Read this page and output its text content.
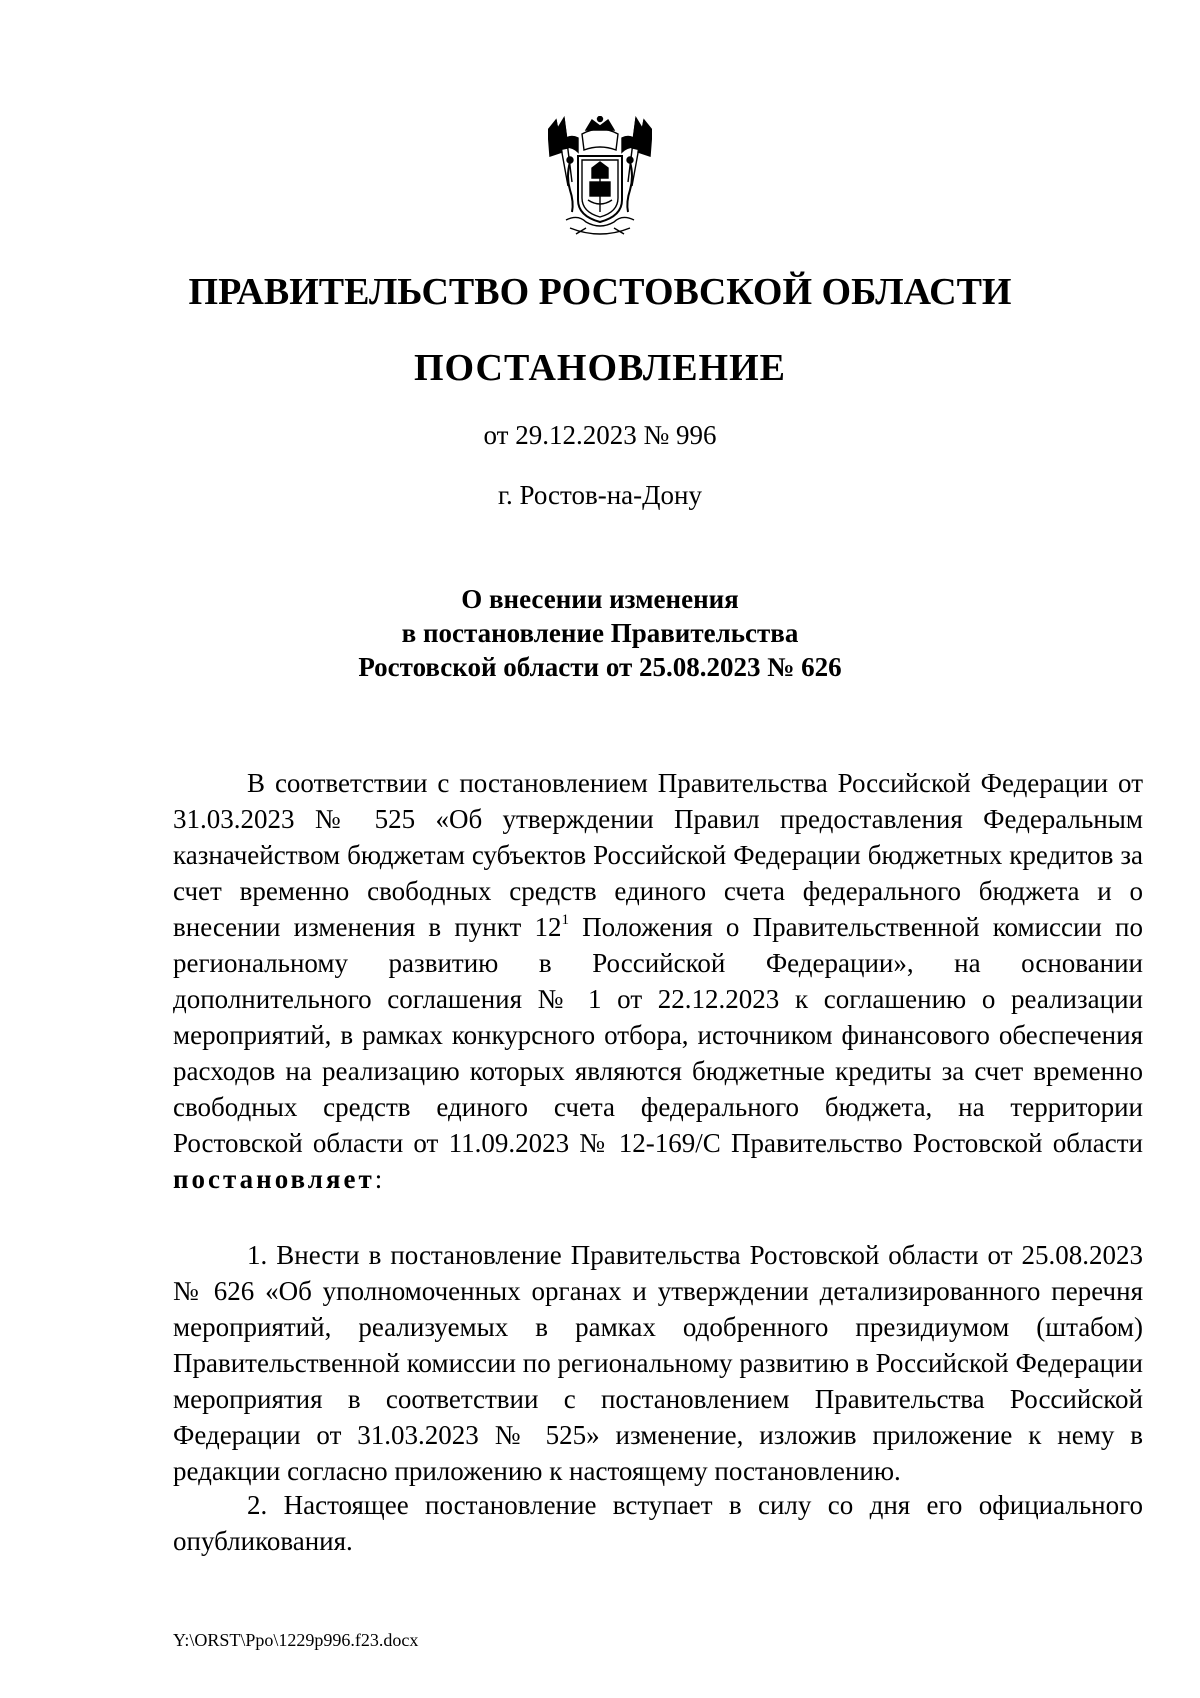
ПРАВИТЕЛЬСТВО РОСТОВСКОЙ ОБЛАСТИ
ПОСТАНОВЛЕНИЕ
от 29.12.2023 № 996
г. Ростов-на-Дону
О внесении изменения
в постановление Правительства
Ростовской области от 25.08.2023 № 626

В соответствии с постановлением Правительства Российской Федерации от 31.03.2023 № 525 «Об утверждении Правил предоставления Федеральным казначейством бюджетам субъектов Российской Федерации бюджетных кредитов за счет временно свободных средств единого счета федерального бюджета и о внесении изменения в пункт $12^1$ Положения о Правительственной комиссии по региональному развитию в Российской Федерации», на основании дополнительного соглашения № 1 от 22.12.2023 к соглашению о реализации мероприятий, в рамках конкурсного отбора, источником финансового обеспечения расходов на реализацию которых являются бюджетные кредиты за счет временно свободных средств единого счета федерального бюджета, на территории Ростовской области от 11.09.2023 № 12-169/С Правительство Ростовской области постановляет:

1. Внести в постановление Правительства Ростовской области от 25.08.2023 № 626 «Об уполномоченных органах и утверждении детализированного перечня мероприятий, реализуемых в рамках одобренного президиумом (штабом) Правительственной комиссии по региональному развитию в Российской Федерации мероприятия в соответствии с постановлением Правительства Российской Федерации от 31.03.2023 № 525» изменение, изложив приложение к нему в редакции согласно приложению к настоящему постановлению.

2. Настоящее постановление вступает в силу со дня его официального опубликования.

Y:\ORST\Ppo\1229p996.f23.docx
